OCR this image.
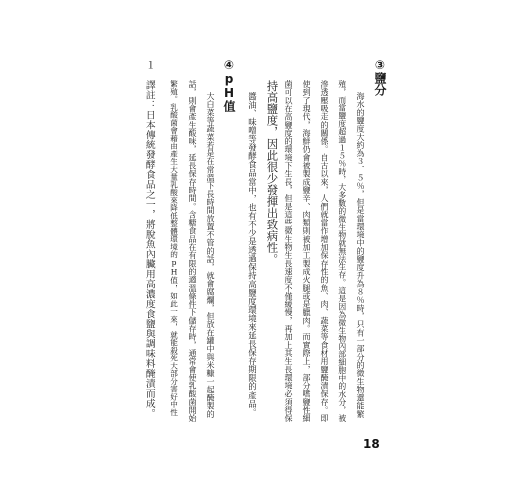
③鹽分
海水的鹽度大約為３．５％，但是當環境中的鹽度升為８％時，只有一部分的微生物還能繁
殖，而當鹽度超過１５％時，大多數的微生物就無法生存。這是因為微生物內部細胞中的水分，被
滲透壓吸走的關係。自古以來，人們就當作增加保存性的魚、肉、蔬菜等食材用鹽醃漬保存。即
使到了現代，海鮮仍會被製成鹽辛、肉類則被加工製成火腿或是臘肉。而實際上，部分嗜鹽性細
菌可以在高鹽度的環境下生長，但是這些微生物生長速度不僅緩慢，再加上其生長環境必須得保
持高鹽度，因此很少發揮出致病性。
醬油、味噌等發酵食品當中，也有不少是透過保持高鹽度環境來延長保存期限的產品。
④pH值
大白菜等蔬菜若是在常溫下長時間放置不管的話，就會腐爛，但放在罐中與米糠一起醃製的
話，則會產生酸味，延長保存時間。含糖食品在有限的適溫條件下儲存時，通常會使乳酸菌開始
繁殖。乳酸菌會藉由產生大量乳酸來降低整體環境的pH值，如此一來，就能殺死大部分害好中性
１　譯註：日本傳統發酵食品之一，將脫魚內臟用高濃度食鹽與調味料醃漬而成。
18
